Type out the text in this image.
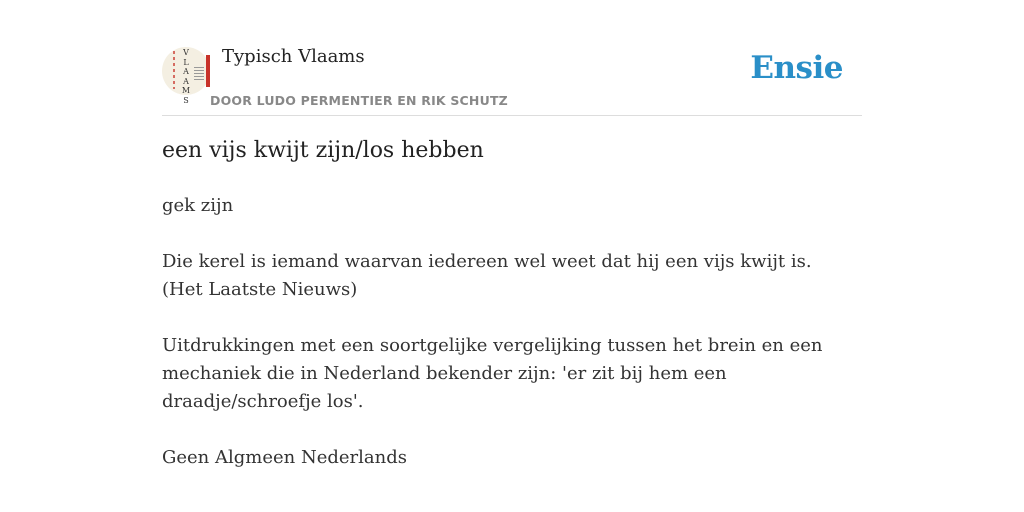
V
L
A
A
M
S
Typisch Vlaams
DOOR LUDO PERMENTIER EN RIK SCHUTZ
Ensie
een vijs kwijt zijn/los hebben

gek zijn

Die kerel is iemand waarvan iedereen wel weet dat hij een vijs kwijt is.

(Het Laatste Nieuws)

Uitdrukkingen met een soortgelijke vergelijking tussen het brein en een mechaniek die in Nederland bekender zijn: 'er zit bij hem een draadje/schroefje los'.

Geen Algmeen Nederlands
